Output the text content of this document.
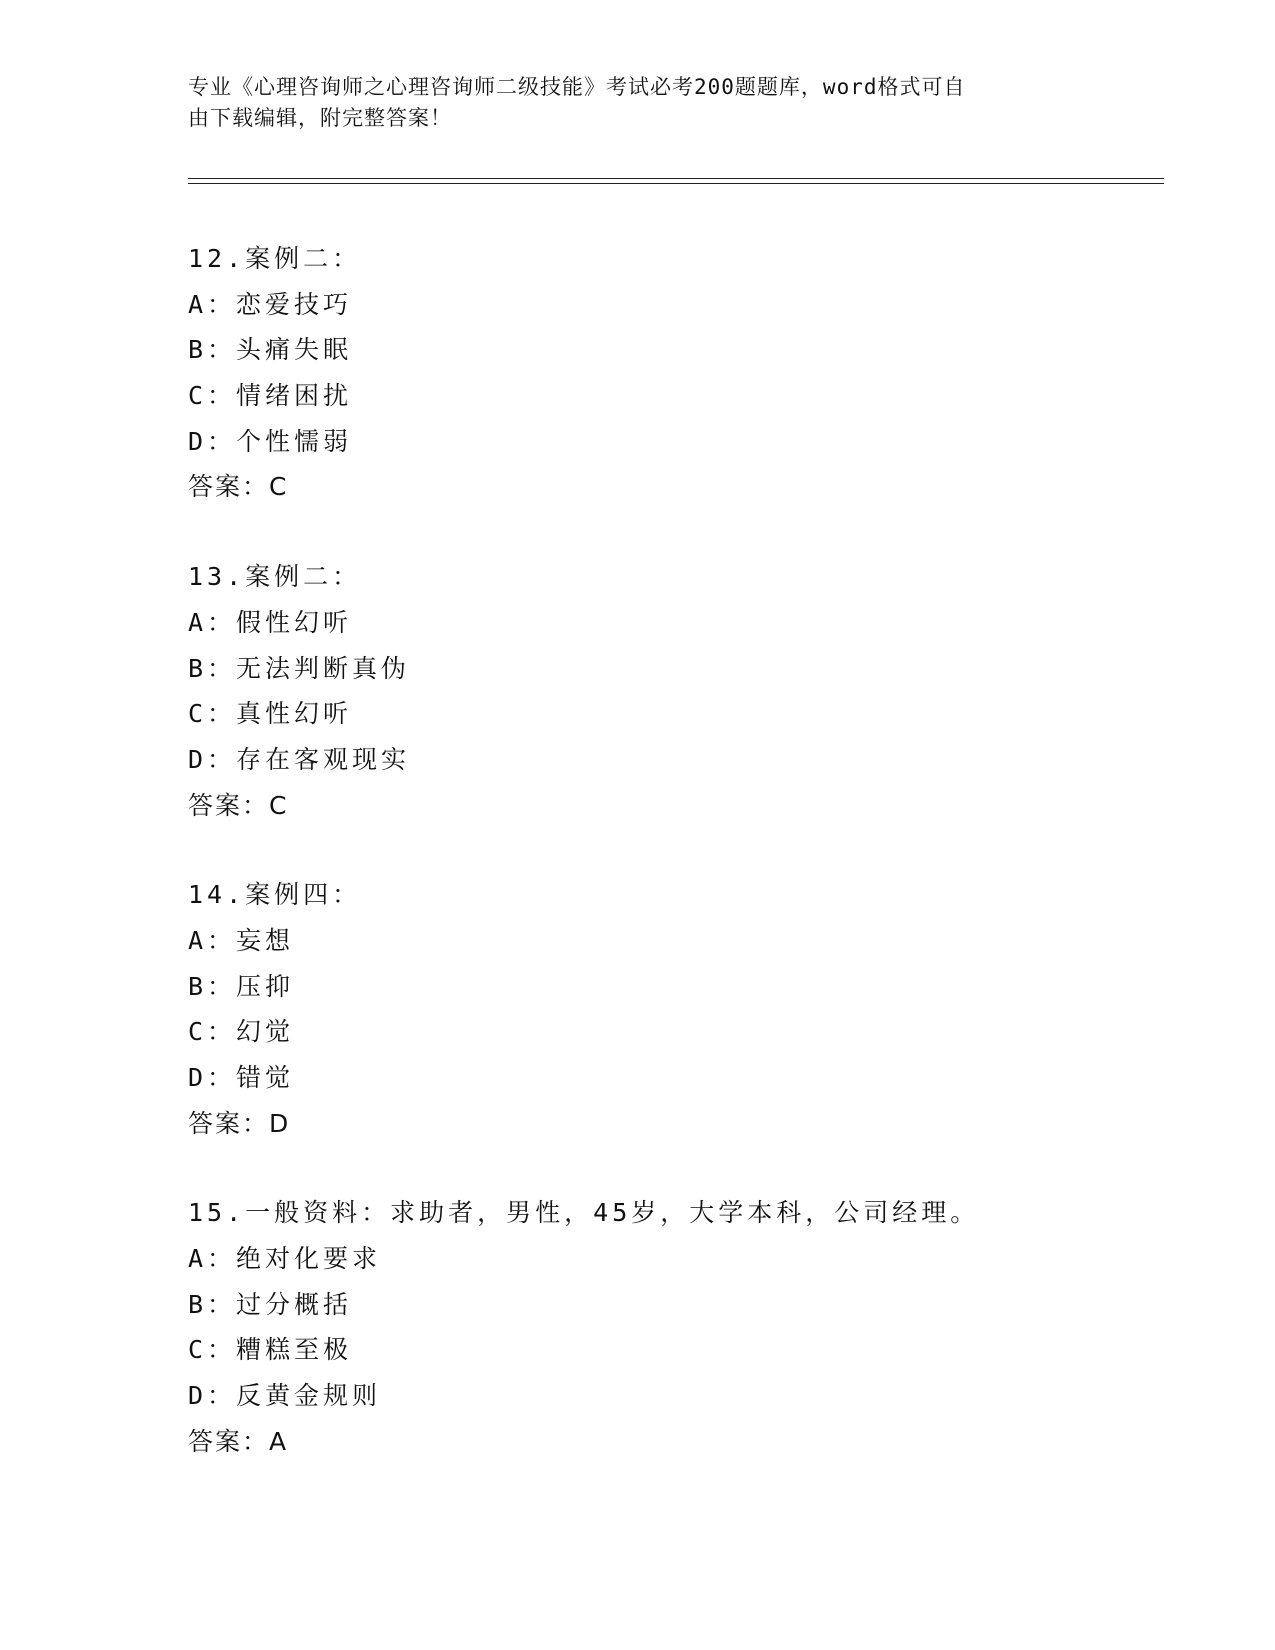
专业《心理咨询师之心理咨询师二级技能》考试必考200题题库，word格式可自
由下载编辑，附完整答案！
12.案例二：
A：恋爱技巧
B：头痛失眠
C：情绪困扰
D：个性懦弱
答案：C
13.案例二：
A：假性幻听
B：无法判断真伪
C：真性幻听
D：存在客观现实
答案：C
14.案例四：
A：妄想
B：压抑
C：幻觉
D：错觉
答案：D
15.一般资料：求助者，男性，45岁，大学本科，公司经理。
A：绝对化要求
B：过分概括
C：糟糕至极
D：反黄金规则
答案：A
